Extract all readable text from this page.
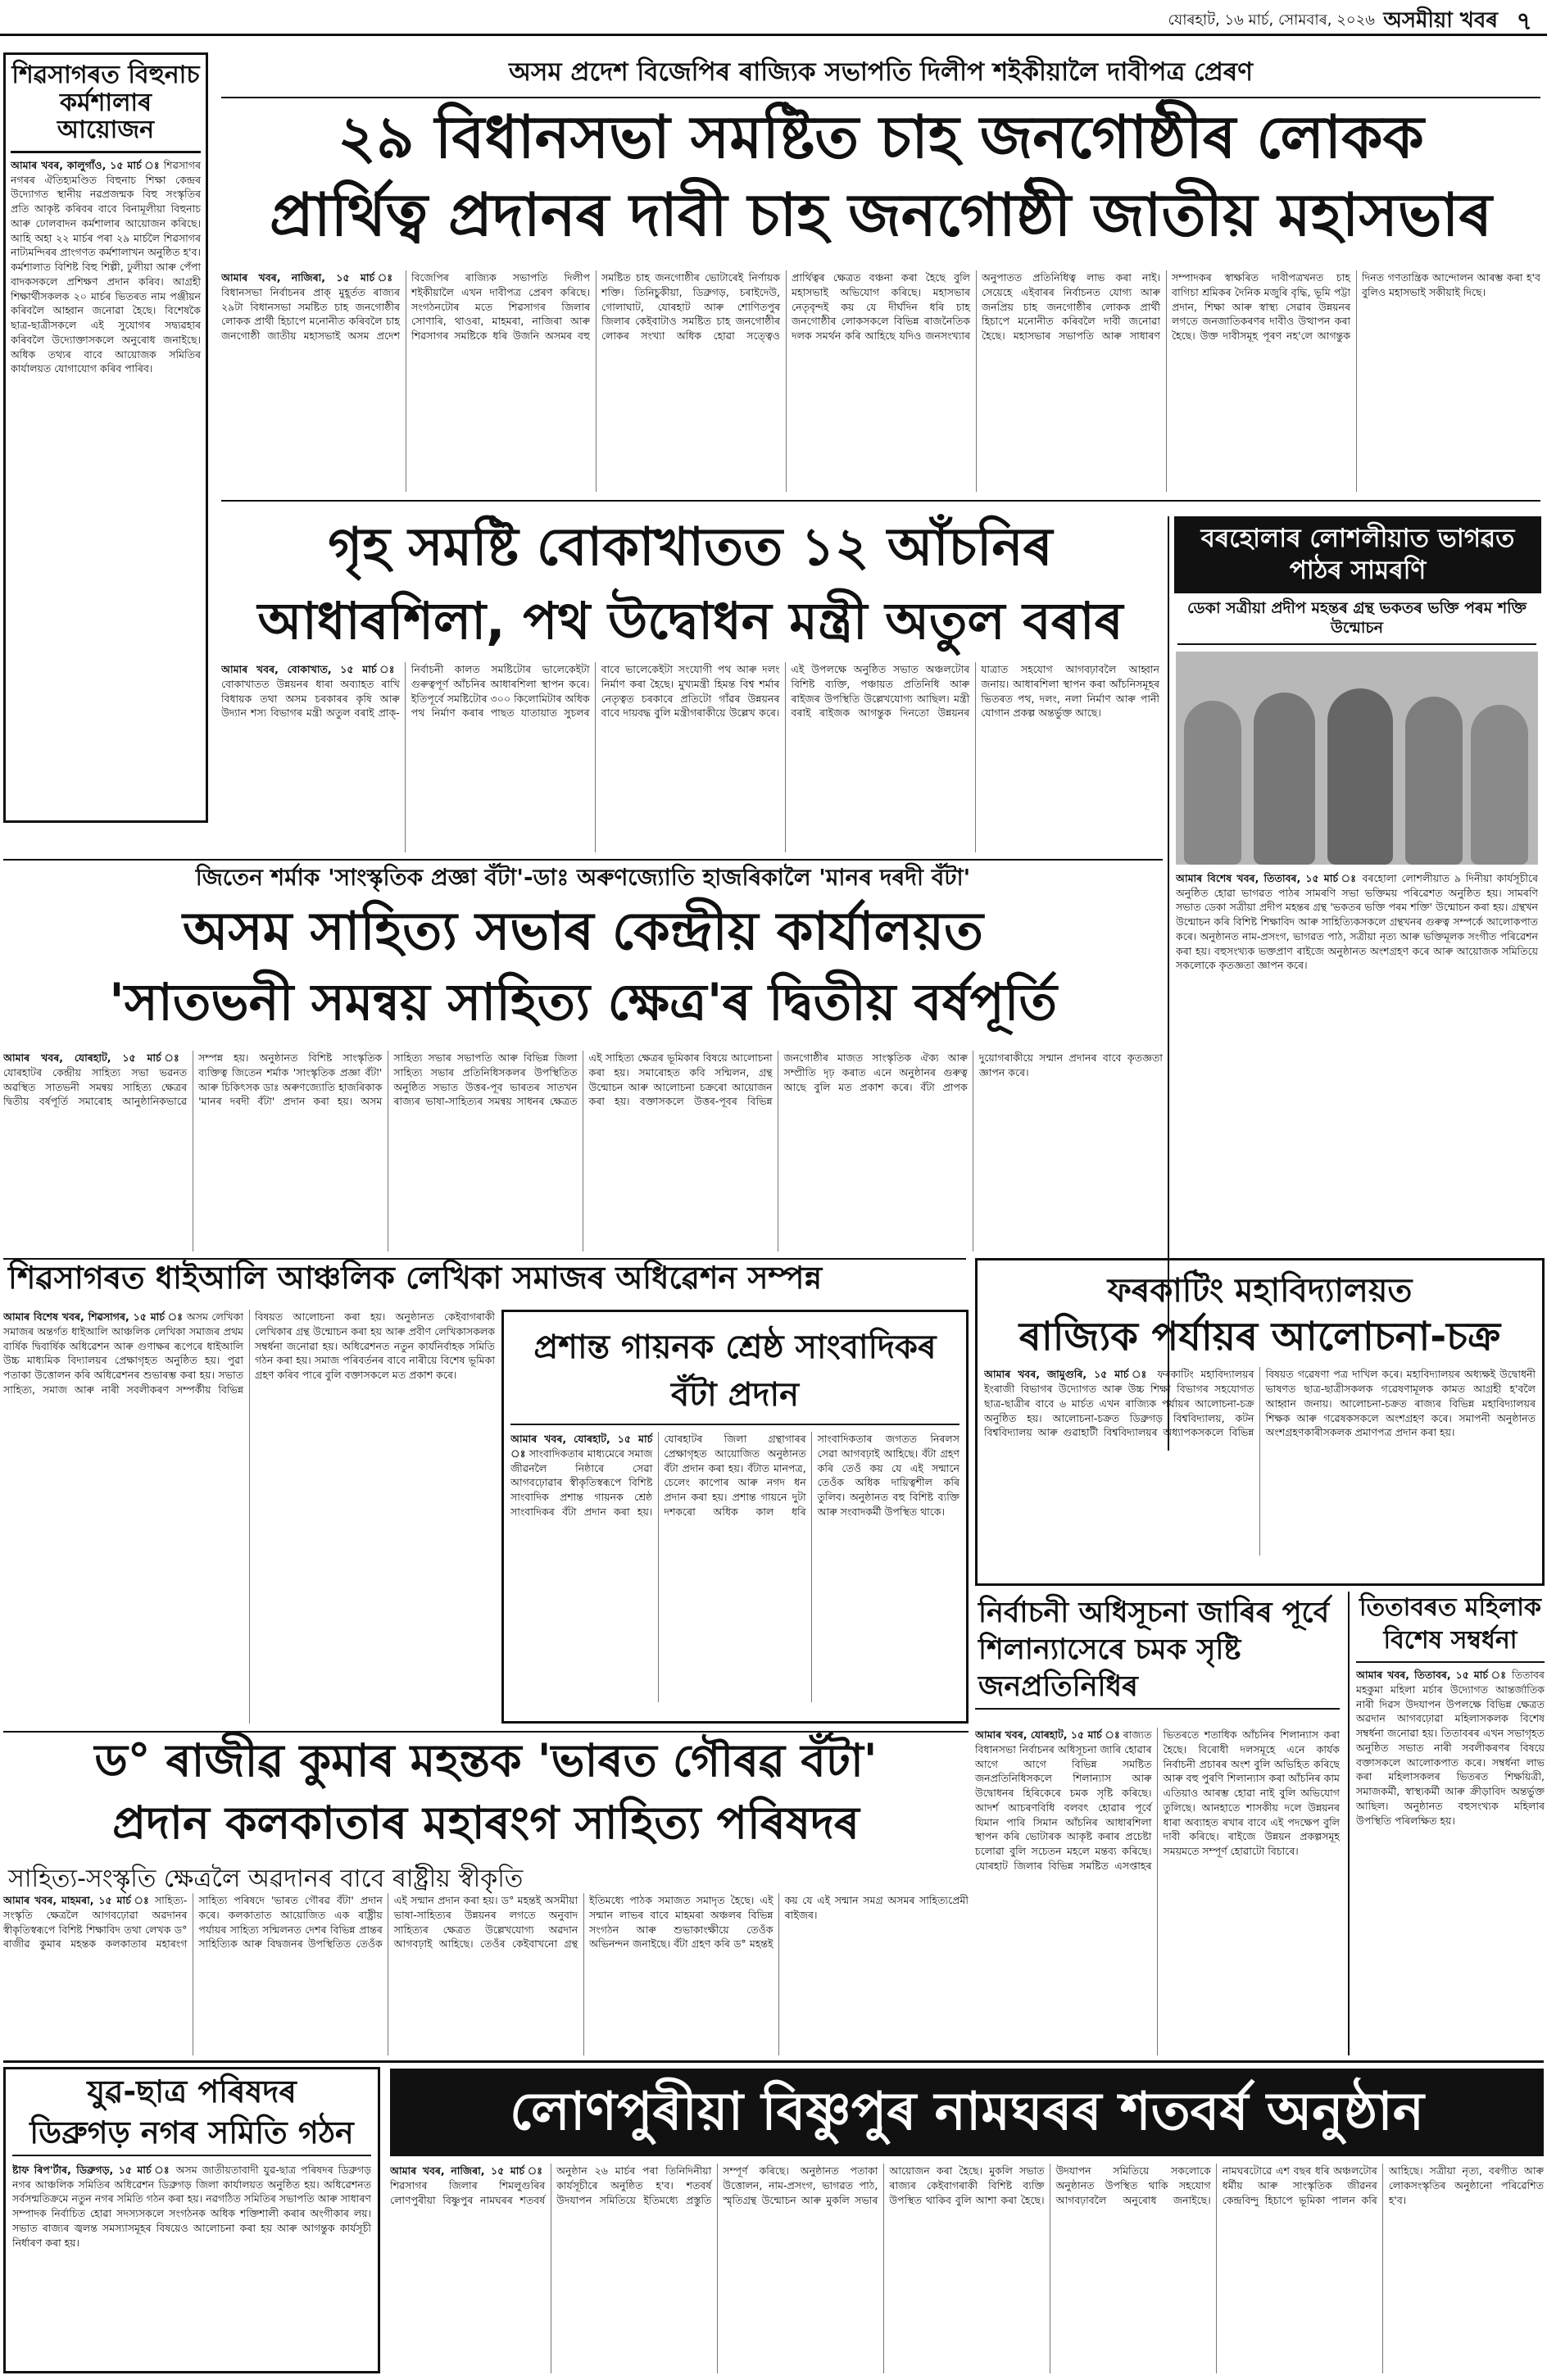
যোৰহাট, ১৬ মাৰ্চ, সোমবাৰ, ২০২৬ অসমীয়া খবৰ ৭
শিৱসাগৰত বিহুনাচ কৰ্মশালাৰ আয়োজন
আমাৰ খবৰ, কালুগাঁও, ১৫ মাৰ্চ ঃ শিৱসাগৰ নগৰৰ ঐতিহ্যমণ্ডিত বিহুনাচ শিক্ষা কেন্দ্ৰৰ উদ্যোগত স্থানীয় নৱপ্ৰজন্মক বিহু সংস্কৃতিৰ প্ৰতি আকৃষ্ট কৰিবৰ বাবে বিনামূলীয়া বিহুনাচ আৰু ঢোলবাদন কৰ্মশালাৰ আয়োজন কৰিছে। আহি অহা ২২ মাৰ্চৰ পৰা ২৯ মাৰ্চলৈ শিৱসাগৰ নাট্যমন্দিৰৰ প্ৰাংগণত কৰ্মশালাখন অনুষ্ঠিত হ'ব। কৰ্মশালাত বিশিষ্ট বিহু শিল্পী, ঢুলীয়া আৰু পেঁপা বাদকসকলে প্ৰশিক্ষণ প্ৰদান কৰিব। আগ্ৰহী শিক্ষাৰ্থীসকলক ২০ মাৰ্চৰ ভিতৰত নাম পঞ্জীয়ন কৰিবলৈ আহ্বান জনোৱা হৈছে। বিশেষকৈ ছাত্ৰ-ছাত্ৰীসকলে এই সুযোগৰ সদ্ব্যৱহাৰ কৰিবলৈ উদ্যোক্তাসকলে অনুৰোধ জনাইছে। অধিক তথ্যৰ বাবে আয়োজক সমিতিৰ কাৰ্যালয়ত যোগাযোগ কৰিব পাৰিব।
অসম প্ৰদেশ বিজেপিৰ ৰাজ্যিক সভাপতি দিলীপ শইকীয়ালৈ দাবীপত্ৰ প্ৰেৰণ
২৯ বিধানসভা সমষ্টিত চাহ জনগোষ্ঠীৰ লোকক
প্ৰাৰ্থিত্ব প্ৰদানৰ দাবী চাহ জনগোষ্ঠী জাতীয় মহাসভাৰ
আমাৰ খবৰ, নাজিৰা, ১৫ মাৰ্চ ঃ বিধানসভা নিৰ্বাচনৰ প্ৰাক্ মুহূৰ্তত ৰাজ্যৰ ২৯টা বিধানসভা সমষ্টিত চাহ জনগোষ্ঠীৰ লোকক প্ৰাৰ্থী হিচাপে মনোনীত কৰিবলৈ চাহ জনগোষ্ঠী জাতীয় মহাসভাই অসম প্ৰদেশ বিজেপিৰ ৰাজ্যিক সভাপতি দিলীপ শইকীয়ালৈ এখন দাবীপত্ৰ প্ৰেৰণ কৰিছে। সংগঠনটোৰ মতে শিৱসাগৰ জিলাৰ সোণাৰি, থাওৰা, মাহমৰা, নাজিৰা আৰু শিৱসাগৰ সমষ্টিকে ধৰি উজনি অসমৰ বহু সমষ্টিত চাহ জনগোষ্ঠীৰ ভোটাৰেই নিৰ্ণায়ক শক্তি। তিনিচুকীয়া, ডিব্ৰুগড়, চৰাইদেউ, গোলাঘাট, যোৰহাট আৰু শোণিতপুৰ জিলাৰ কেইবাটাও সমষ্টিত চাহ জনগোষ্ঠীৰ লোকৰ সংখ্যা অধিক হোৱা সত্ত্বেও প্ৰাৰ্থিত্বৰ ক্ষেত্ৰত বঞ্চনা কৰা হৈছে বুলি মহাসভাই অভিযোগ কৰিছে। মহাসভাৰ নেতৃবৃন্দই কয় যে দীৰ্ঘদিন ধৰি চাহ জনগোষ্ঠীৰ লোকসকলে বিভিন্ন ৰাজনৈতিক দলক সমৰ্থন কৰি আহিছে যদিও জনসংখ্যাৰ অনুপাতত প্ৰতিনিধিত্ব লাভ কৰা নাই। সেয়েহে এইবাৰৰ নিৰ্বাচনত যোগ্য আৰু জনপ্ৰিয় চাহ জনগোষ্ঠীৰ লোকক প্ৰাৰ্থী হিচাপে মনোনীত কৰিবলৈ দাবী জনোৱা হৈছে। মহাসভাৰ সভাপতি আৰু সাধাৰণ সম্পাদকৰ স্বাক্ষৰিত দাবীপত্ৰখনত চাহ বাগিচা শ্ৰমিকৰ দৈনিক মজুৰি বৃদ্ধি, ভূমি পট্টা প্ৰদান, শিক্ষা আৰু স্বাস্থ্য সেৱাৰ উন্নয়নৰ লগতে জনজাতিকৰণৰ দাবীও উত্থাপন কৰা হৈছে। উক্ত দাবীসমূহ পূৰণ নহ'লে আগন্তুক দিনত গণতান্ত্ৰিক আন্দোলন আৰম্ভ কৰা হ'ব বুলিও মহাসভাই সকীয়াই দিছে।
গৃহ সমষ্টি বোকাখাতত ১২ আঁচনিৰ
আধাৰশিলা, পথ উদ্বোধন মন্ত্ৰী অতুল বৰাৰ
আমাৰ খবৰ, বোকাখাত, ১৫ মাৰ্চ ঃ বোকাখাতত উন্নয়নৰ ধাৰা অব্যাহত ৰাখি বিধায়ক তথা অসম চৰকাৰৰ কৃষি আৰু উদ্যান শস্য বিভাগৰ মন্ত্ৰী অতুল বৰাই প্ৰাক্-নিৰ্বাচনী কালত সমষ্টিটোৰ ভালেকেইটা গুৰুত্বপূৰ্ণ আঁচনিৰ আধাৰশিলা স্থাপন কৰে। ইতিপূৰ্বে সমষ্টিটোৰ ৩০০ কিলোমিটাৰ অধিক পথ নিৰ্মাণ কৰাৰ পাছত যাতায়াত সুচলৰ বাবে ভালেকেইটা সংযোগী পথ আৰু দলং নিৰ্মাণ কৰা হৈছে। মুখ্যমন্ত্ৰী হিমন্ত বিশ্ব শৰ্মাৰ নেতৃত্বত চৰকাৰে প্ৰতিটো গাঁৱৰ উন্নয়নৰ বাবে দায়বদ্ধ বুলি মন্ত্ৰীগৰাকীয়ে উল্লেখ কৰে। এই উপলক্ষে অনুষ্ঠিত সভাত অঞ্চলটোৰ বিশিষ্ট ব্যক্তি, পঞ্চায়ত প্ৰতিনিধি আৰু ৰাইজৰ উপস্থিতি উল্লেখযোগ্য আছিল। মন্ত্ৰী বৰাই ৰাইজক আগন্তুক দিনতো উন্নয়নৰ যাত্ৰাত সহযোগ আগবঢ়াবলৈ আহ্বান জনায়। আধাৰশিলা স্থাপন কৰা আঁচনিসমূহৰ ভিতৰত পথ, দলং, নলা নিৰ্মাণ আৰু পানী যোগান প্ৰকল্প অন্তৰ্ভুক্ত আছে।
বৰহোলাৰ লোশলীয়াত ভাগৱত পাঠৰ সামৰণি
ডেকা সত্ৰীয়া প্ৰদীপ মহন্তৰ গ্ৰন্থ ভকতৰ ভক্তি পৰম শক্তি উন্মোচন
আমাৰ বিশেষ খবৰ, তিতাবৰ, ১৫ মাৰ্চ ঃ বৰহোলা লোশলীয়াত ৯ দিনীয়া কাৰ্যসূচীৰে অনুষ্ঠিত হোৱা ভাগৱত পাঠৰ সামৰণি সভা ভক্তিময় পৰিৱেশত অনুষ্ঠিত হয়। সামৰণি সভাত ডেকা সত্ৰীয়া প্ৰদীপ মহন্তৰ গ্ৰন্থ 'ভকতৰ ভক্তি পৰম শক্তি' উন্মোচন কৰা হয়। গ্ৰন্থখন উন্মোচন কৰি বিশিষ্ট শিক্ষাবিদ আৰু সাহিত্যিকসকলে গ্ৰন্থখনৰ গুৰুত্ব সম্পৰ্কে আলোকপাত কৰে। অনুষ্ঠানত নাম-প্ৰসংগ, ভাগৱত পাঠ, সত্ৰীয়া নৃত্য আৰু ভক্তিমূলক সংগীত পৰিৱেশন কৰা হয়। বহুসংখ্যক ভক্তপ্ৰাণ ৰাইজে অনুষ্ঠানত অংশগ্ৰহণ কৰে আৰু আয়োজক সমিতিয়ে সকলোকে কৃতজ্ঞতা জ্ঞাপন কৰে।
জিতেন শৰ্মাক 'সাংস্কৃতিক প্ৰজ্ঞা বঁটা'-ডাঃ অৰুণজ্যোতি হাজৰিকালৈ 'মানৰ দৰদী বঁটা'
অসম সাহিত্য সভাৰ কেন্দ্ৰীয় কাৰ্যালয়ত
'সাতভনী সমন্বয় সাহিত্য ক্ষেত্ৰ'ৰ দ্বিতীয় বৰ্ষপূৰ্তি
আমাৰ খবৰ, যোৰহাট, ১৫ মাৰ্চ ঃ যোৰহাটৰ কেন্দ্ৰীয় সাহিত্য সভা ভৱনত অৱস্থিত সাতভনী সমন্বয় সাহিত্য ক্ষেত্ৰৰ দ্বিতীয় বৰ্ষপূৰ্তি সমাৰোহ আনুষ্ঠানিকভাৱে সম্পন্ন হয়। অনুষ্ঠানত বিশিষ্ট সাংস্কৃতিক ব্যক্তিত্ব জিতেন শৰ্মাক 'সাংস্কৃতিক প্ৰজ্ঞা বঁটা' আৰু চিকিৎসক ডাঃ অৰুণজ্যোতি হাজৰিকাক 'মানৰ দৰদী বঁটা' প্ৰদান কৰা হয়। অসম সাহিত্য সভাৰ সভাপতি আৰু বিভিন্ন জিলা সাহিত্য সভাৰ প্ৰতিনিধিসকলৰ উপস্থিতিত অনুষ্ঠিত সভাত উত্তৰ-পূব ভাৰতৰ সাতখন ৰাজ্যৰ ভাষা-সাহিত্যৰ সমন্বয় সাধনৰ ক্ষেত্ৰত এই সাহিত্য ক্ষেত্ৰৰ ভূমিকাৰ বিষয়ে আলোচনা কৰা হয়। সমাৰোহত কবি সন্মিলন, গ্ৰন্থ উন্মোচন আৰু আলোচনা চক্ৰৰো আয়োজন কৰা হয়। বক্তাসকলে উত্তৰ-পূবৰ বিভিন্ন জনগোষ্ঠীৰ মাজত সাংস্কৃতিক ঐক্য আৰু সম্প্ৰীতি দৃঢ় কৰাত এনে অনুষ্ঠানৰ গুৰুত্ব আছে বুলি মত প্ৰকাশ কৰে। বঁটা প্ৰাপক দুয়োগৰাকীয়ে সন্মান প্ৰদানৰ বাবে কৃতজ্ঞতা জ্ঞাপন কৰে।
শিৱসাগৰত ধাইআলি আঞ্চলিক লেখিকা সমাজৰ অধিৱেশন সম্পন্ন
আমাৰ বিশেষ খবৰ, শিৱসাগৰ, ১৫ মাৰ্চ ঃ অসম লেখিকা সমাজৰ অন্তৰ্গত ধাইআলি আঞ্চলিক লেখিকা সমাজৰ প্ৰথম বাৰ্ষিক দ্বিবাৰ্ষিক অধিৱেশন আৰু গুণাক্ষৰ ৰূপেৰে ধাইআলি উচ্চ মাধ্যমিক বিদ্যালয়ৰ প্ৰেক্ষাগৃহত অনুষ্ঠিত হয়। পুৱা পতাকা উত্তোলন কৰি অধিৱেশনৰ শুভাৰম্ভ কৰা হয়। সভাত সাহিত্য, সমাজ আৰু নাৰী সবলীকৰণ সম্পৰ্কীয় বিভিন্ন বিষয়ত আলোচনা কৰা হয়। অনুষ্ঠানত কেইবাগৰাকী লেখিকাৰ গ্ৰন্থ উন্মোচন কৰা হয় আৰু প্ৰবীণ লেখিকাসকলক সম্বৰ্ধনা জনোৱা হয়। অধিৱেশনত নতুন কাৰ্যনিৰ্বাহক সমিতি গঠন কৰা হয়। সমাজ পৰিবৰ্তনৰ বাবে নাৰীয়ে বিশেষ ভূমিকা গ্ৰহণ কৰিব পাৰে বুলি বক্তাসকলে মত প্ৰকাশ কৰে।
প্ৰশান্ত গায়নক শ্ৰেষ্ঠ সাংবাদিকৰ বঁটা প্ৰদান
আমাৰ খবৰ, যোৰহাট, ১৫ মাৰ্চ ঃ সাংবাদিকতাৰ মাধ্যমেৰে সমাজ জীৱনলৈ নিষ্ঠাৰে সেৱা আগবঢ়োৱাৰ স্বীকৃতিস্বৰূপে বিশিষ্ট সাংবাদিক প্ৰশান্ত গায়নক শ্ৰেষ্ঠ সাংবাদিকৰ বঁটা প্ৰদান কৰা হয়। যোৰহাটৰ জিলা গ্ৰন্থাগাৰৰ প্ৰেক্ষাগৃহত আয়োজিত অনুষ্ঠানত বঁটা প্ৰদান কৰা হয়। বঁটাত মানপত্ৰ, চেলেং কাপোৰ আৰু নগদ ধন প্ৰদান কৰা হয়। প্ৰশান্ত গায়নে দুটা দশকৰো অধিক কাল ধৰি সাংবাদিকতাৰ জগতত নিৰলস সেৱা আগবঢ়াই আহিছে। বঁটা গ্ৰহণ কৰি তেওঁ কয় যে এই সন্মানে তেওঁক অধিক দায়িত্বশীল কৰি তুলিব। অনুষ্ঠানত বহু বিশিষ্ট ব্যক্তি আৰু সংবাদকৰ্মী উপস্থিত থাকে।
ফৰকাটিং মহাবিদ্যালয়ত
ৰাজ্যিক পৰ্যায়ৰ আলোচনা-চক্ৰ
আমাৰ খবৰ, জামুগুৰি, ১৫ মাৰ্চ ঃ ফৰকাটিং মহাবিদ্যালয়ৰ ইংৰাজী বিভাগৰ উদ্যোগত আৰু উচ্চ শিক্ষা বিভাগৰ সহযোগত ছাত্ৰ-ছাত্ৰীৰ বাবে ৬ মাৰ্চত এখন ৰাজ্যিক পৰ্যায়ৰ আলোচনা-চক্ৰ অনুষ্ঠিত হয়। আলোচনা-চক্ৰত ডিব্ৰুগড় বিশ্ববিদ্যালয়, কটন বিশ্ববিদ্যালয় আৰু গুৱাহাটী বিশ্ববিদ্যালয়ৰ অধ্যাপকসকলে বিভিন্ন বিষয়ত গৱেষণা পত্ৰ দাখিল কৰে। মহাবিদ্যালয়ৰ অধ্যক্ষই উদ্বোধনী ভাষণত ছাত্ৰ-ছাত্ৰীসকলক গৱেষণামূলক কামত আগ্ৰহী হ'বলৈ আহ্বান জনায়। আলোচনা-চক্ৰত ৰাজ্যৰ বিভিন্ন মহাবিদ্যালয়ৰ শিক্ষক আৰু গৱেষকসকলে অংশগ্ৰহণ কৰে। সমাপনী অনুষ্ঠানত অংশগ্ৰহণকাৰীসকলক প্ৰমাণপত্ৰ প্ৰদান কৰা হয়।
নিৰ্বাচনী অধিসূচনা জাৰিৰ পূৰ্বে শিলান্যাসেৰে চমক সৃষ্টি জনপ্ৰতিনিধিৰ
আমাৰ খবৰ, যোৰহাট, ১৫ মাৰ্চ ঃ ৰাজ্যত বিধানসভা নিৰ্বাচনৰ অধিসূচনা জাৰি হোৱাৰ আগে আগে বিভিন্ন সমষ্টিত জনপ্ৰতিনিধিসকলে শিলান্যাস আৰু উদ্বোধনৰ হিৰিকেৰে চমক সৃষ্টি কৰিছে। আদৰ্শ আচৰণবিধি বলবৎ হোৱাৰ পূৰ্বে যিমান পাৰি সিমান আঁচনিৰ আধাৰশিলা স্থাপন কৰি ভোটাৰক আকৃষ্ট কৰাৰ প্ৰচেষ্টা চলোৱা বুলি সচেতন মহলে মন্তব্য কৰিছে। যোৰহাট জিলাৰ বিভিন্ন সমষ্টিত এসপ্তাহৰ ভিতৰতে শতাধিক আঁচনিৰ শিলান্যাস কৰা হৈছে। বিৰোধী দলসমূহে এনে কাৰ্যক নিৰ্বাচনী প্ৰচাৰৰ অংশ বুলি অভিহিত কৰিছে আৰু বহু পুৰণি শিলান্যাস কৰা আঁচনিৰ কাম এতিয়াও আৰম্ভ হোৱা নাই বুলি অভিযোগ তুলিছে। আনহাতে শাসকীয় দলে উন্নয়নৰ ধাৰা অব্যাহত ৰখাৰ বাবে এই পদক্ষেপ বুলি দাবী কৰিছে। ৰাইজে উন্নয়ন প্ৰকল্পসমূহ সময়মতে সম্পূৰ্ণ হোৱাটো বিচাৰে।
তিতাবৰত মহিলাক বিশেষ সম্বৰ্ধনা
আমাৰ খবৰ, তিতাবৰ, ১৫ মাৰ্চ ঃ তিতাবৰ মহকুমা মহিলা মৰ্চাৰ উদ্যোগত আন্তৰ্জাতিক নাৰী দিৱস উদযাপন উপলক্ষে বিভিন্ন ক্ষেত্ৰত অৱদান আগবঢ়োৱা মহিলাসকলক বিশেষ সম্বৰ্ধনা জনোৱা হয়। তিতাবৰৰ এখন সভাগৃহত অনুষ্ঠিত সভাত নাৰী সবলীকৰণৰ বিষয়ে বক্তাসকলে আলোকপাত কৰে। সম্বৰ্ধনা লাভ কৰা মহিলাসকলৰ ভিতৰত শিক্ষয়িত্ৰী, সমাজকৰ্মী, স্বাস্থ্যকৰ্মী আৰু ক্ৰীড়াবিদ অন্তৰ্ভুক্ত আছিল। অনুষ্ঠানত বহুসংখ্যক মহিলাৰ উপস্থিতি পৰিলক্ষিত হয়।
ড° ৰাজীৱ কুমাৰ মহন্তক 'ভাৰত গৌৰৱ বঁটা'
প্ৰদান কলকাতাৰ মহাৰংগ সাহিত্য পৰিষদৰ
সাহিত্য-সংস্কৃতি ক্ষেত্ৰলৈ অৱদানৰ বাবে ৰাষ্ট্ৰীয় স্বীকৃতি
আমাৰ খবৰ, মাহমৰা, ১৫ মাৰ্চ ঃ সাহিত্য-সংস্কৃতি ক্ষেত্ৰলৈ আগবঢ়োৱা অৱদানৰ স্বীকৃতিস্বৰূপে বিশিষ্ট শিক্ষাবিদ তথা লেখক ড° ৰাজীৱ কুমাৰ মহন্তক কলকাতাৰ মহাৰংগ সাহিত্য পৰিষদে 'ভাৰত গৌৰৱ বঁটা' প্ৰদান কৰে। কলকাতাত আয়োজিত এক ৰাষ্ট্ৰীয় পৰ্যায়ৰ সাহিত্য সন্মিলনত দেশৰ বিভিন্ন প্ৰান্তৰ সাহিত্যিক আৰু বিদ্বজনৰ উপস্থিতিত তেওঁক এই সন্মান প্ৰদান কৰা হয়। ড° মহন্তই অসমীয়া ভাষা-সাহিত্যৰ উন্নয়নৰ লগতে অনুবাদ সাহিত্যৰ ক্ষেত্ৰত উল্লেখযোগ্য অৱদান আগবঢ়াই আহিছে। তেওঁৰ কেইবাখনো গ্ৰন্থ ইতিমধ্যে পাঠক সমাজত সমাদৃত হৈছে। এই সন্মান লাভৰ বাবে মাহমৰা অঞ্চলৰ বিভিন্ন সংগঠন আৰু শুভাকাংক্ষীয়ে তেওঁক অভিনন্দন জনাইছে। বঁটা গ্ৰহণ কৰি ড° মহন্তই কয় যে এই সন্মান সমগ্ৰ অসমৰ সাহিত্যপ্ৰেমী ৰাইজৰ।
যুৱ-ছাত্ৰ পৰিষদৰ
ডিব্ৰুগড় নগৰ সমিতি গঠন
ষ্টাফ ৰিপ'ৰ্টাৰ, ডিব্ৰুগড়, ১৫ মাৰ্চ ঃ অসম জাতীয়তাবাদী যুৱ-ছাত্ৰ পৰিষদৰ ডিব্ৰুগড় নগৰ আঞ্চলিক সমিতিৰ অধিৱেশন ডিব্ৰুগড় জিলা কাৰ্যালয়ত অনুষ্ঠিত হয়। অধিৱেশনত সৰ্বসন্মতিক্ৰমে নতুন নগৰ সমিতি গঠন কৰা হয়। নৱগঠিত সমিতিৰ সভাপতি আৰু সাধাৰণ সম্পাদক নিৰ্বাচিত হোৱা সদস্যসকলে সংগঠনক অধিক শক্তিশালী কৰাৰ অংগীকাৰ লয়। সভাত ৰাজ্যৰ জ্বলন্ত সমস্যাসমূহৰ বিষয়েও আলোচনা কৰা হয় আৰু আগন্তুক কাৰ্যসূচী নিৰ্ধাৰণ কৰা হয়।
লোণপুৰীয়া বিষ্ণুপুৰ নামঘৰৰ শতবৰ্ষ অনুষ্ঠান
আমাৰ খবৰ, নাজিৰা, ১৫ মাৰ্চ ঃ শিৱসাগৰ জিলাৰ শিমলুগুৰিৰ লোণপুৰীয়া বিষ্ণুপুৰ নামঘৰৰ শতবৰ্ষ অনুষ্ঠান ২৬ মাৰ্চৰ পৰা তিনিদিনীয়া কাৰ্যসূচীৰে অনুষ্ঠিত হ'ব। শতবৰ্ষ উদযাপন সমিতিয়ে ইতিমধ্যে প্ৰস্তুতি সম্পূৰ্ণ কৰিছে। অনুষ্ঠানত পতাকা উত্তোলন, নাম-প্ৰসংগ, ভাগৱত পাঠ, স্মৃতিগ্ৰন্থ উন্মোচন আৰু মুকলি সভাৰ আয়োজন কৰা হৈছে। মুকলি সভাত ৰাজ্যৰ কেইবাগৰাকী বিশিষ্ট ব্যক্তি উপস্থিত থাকিব বুলি আশা কৰা হৈছে। উদযাপন সমিতিয়ে সকলোকে অনুষ্ঠানত উপস্থিত থাকি সহযোগ আগবঢ়াবলৈ অনুৰোধ জনাইছে। নামঘৰটোৱে এশ বছৰ ধৰি অঞ্চলটোৰ ধৰ্মীয় আৰু সাংস্কৃতিক জীৱনৰ কেন্দ্ৰবিন্দু হিচাপে ভূমিকা পালন কৰি আহিছে। সত্ৰীয়া নৃত্য, বৰগীত আৰু লোকসংস্কৃতিৰ অনুষ্ঠানো পৰিৱেশিত হ'ব।
